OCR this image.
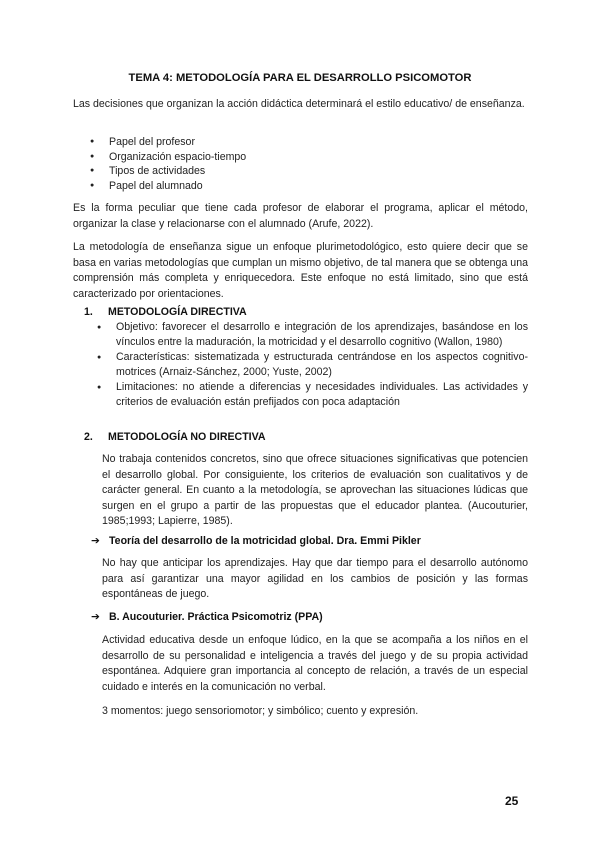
TEMA 4: METODOLOGÍA PARA EL DESARROLLO PSICOMOTOR

Las decisiones que organizan la acción didáctica determinará el estilo educativo/ de enseñanza.

● Papel del profesor
● Organización espacio-tiempo
● Tipos de actividades
● Papel del alumnado

Es la forma peculiar que tiene cada profesor de elaborar el programa, aplicar el método, organizar la clase y relacionarse con el alumnado (Arufe, 2022).

La metodología de enseñanza sigue un enfoque plurimetodológico, esto quiere decir que se basa en varias metodologías que cumplan un mismo objetivo, de tal manera que se obtenga una comprensión más completa y enriquecedora. Este enfoque no está limitado, sino que está caracterizado por orientaciones.

1. METODOLOGÍA DIRECTIVA
● Objetivo: favorecer el desarrollo e integración de los aprendizajes, basándose en los vínculos entre la maduración, la motricidad y el desarrollo cognitivo (Wallon, 1980)
● Características: sistematizada y estructurada centrándose en los aspectos cognitivo-motrices (Arnaiz-Sánchez, 2000; Yuste, 2002)
● Limitaciones: no atiende a diferencias y necesidades individuales. Las actividades y criterios de evaluación están prefijados con poca adaptación
2. METODOLOGÍA NO DIRECTIVA

No trabaja contenidos concretos, sino que ofrece situaciones significativas que potencien el desarrollo global. Por consiguiente, los criterios de evaluación son cualitativos y de carácter general. En cuanto a la metodología, se aprovechan las situaciones lúdicas que surgen en el grupo a partir de las propuestas que el educador plantea. (Aucouturier, 1985;1993; Lapierre, 1985).

➔ Teoría del desarrollo de la motricidad global. Dra. Emmi Pikler

No hay que anticipar los aprendizajes. Hay que dar tiempo para el desarrollo autónomo para así garantizar una mayor agilidad en los cambios de posición y las formas espontáneas de juego.

➔ B. Aucouturier. Práctica Psicomotriz (PPA)

Actividad educativa desde un enfoque lúdico, en la que se acompaña a los niños en el desarrollo de su personalidad e inteligencia a través del juego y de su propia actividad espontánea. Adquiere gran importancia al concepto de relación, a través de un especial cuidado e interés en la comunicación no verbal.

3 momentos: juego sensoriomotor; y simbólico; cuento y expresión.

25
